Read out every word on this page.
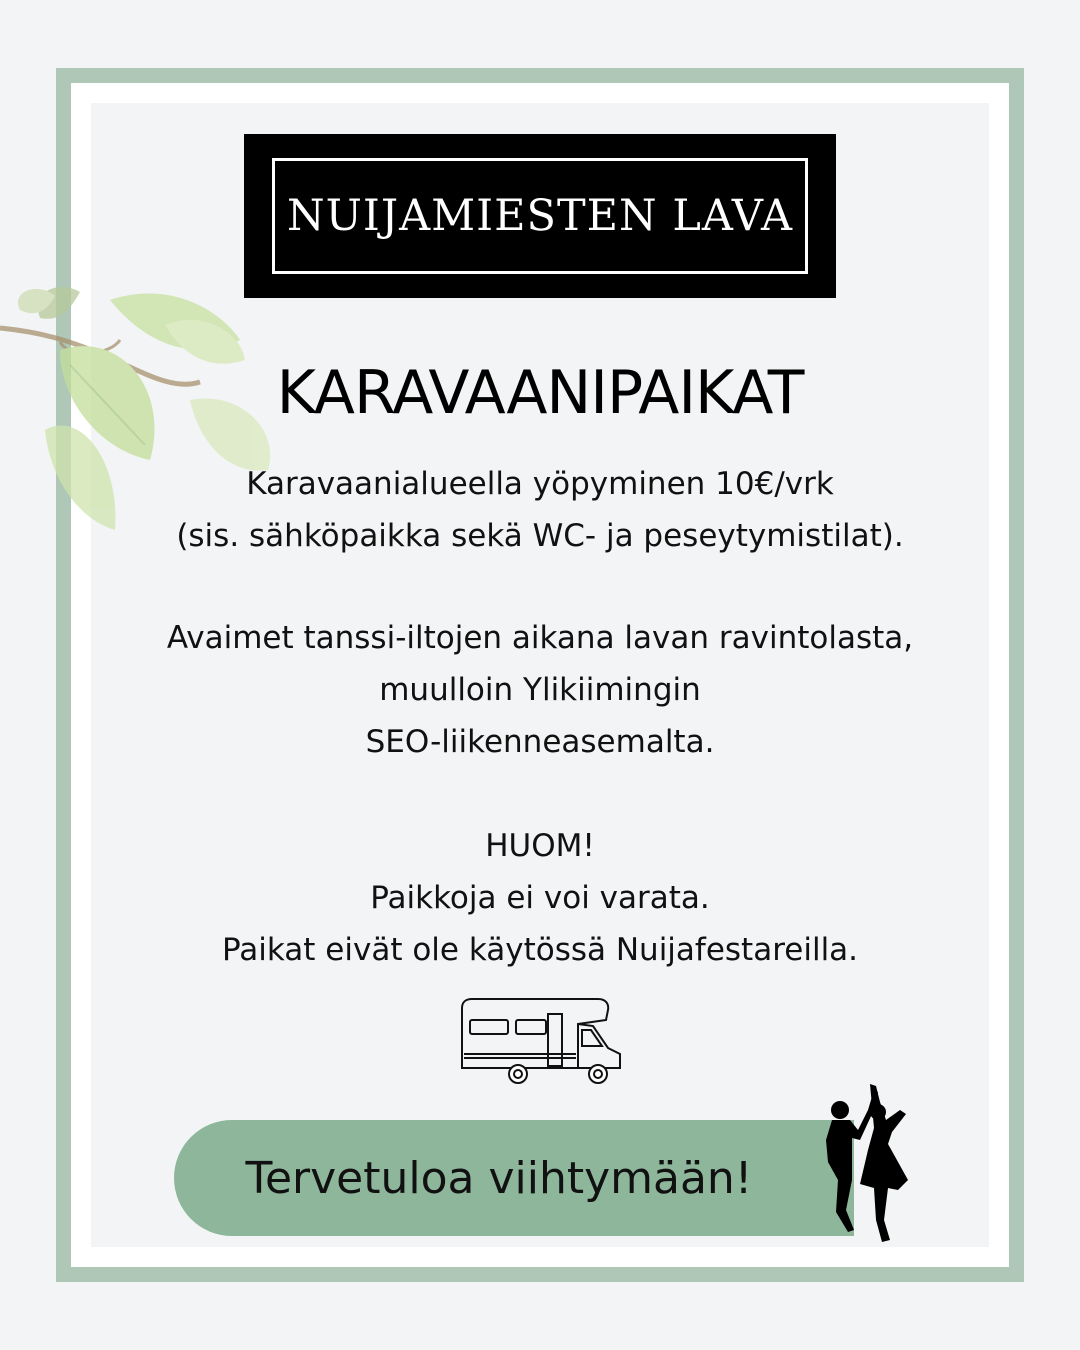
NUIJAMIESTEN LAVA
KARAVAANIPAIKAT

Karavaanialueella yöpyminen 10€/vrk

(sis. sähköpaikka sekä WC- ja peseytymistilat).

Avaimet tanssi-iltojen aikana lavan ravintolasta,

muulloin Ylikiimingin

SEO-liikenneasemalta.

HUOM!

Paikkoja ei voi varata.

Paikat eivät ole käytössä Nuijafestareilla.

Tervetuloa viihtymään!
